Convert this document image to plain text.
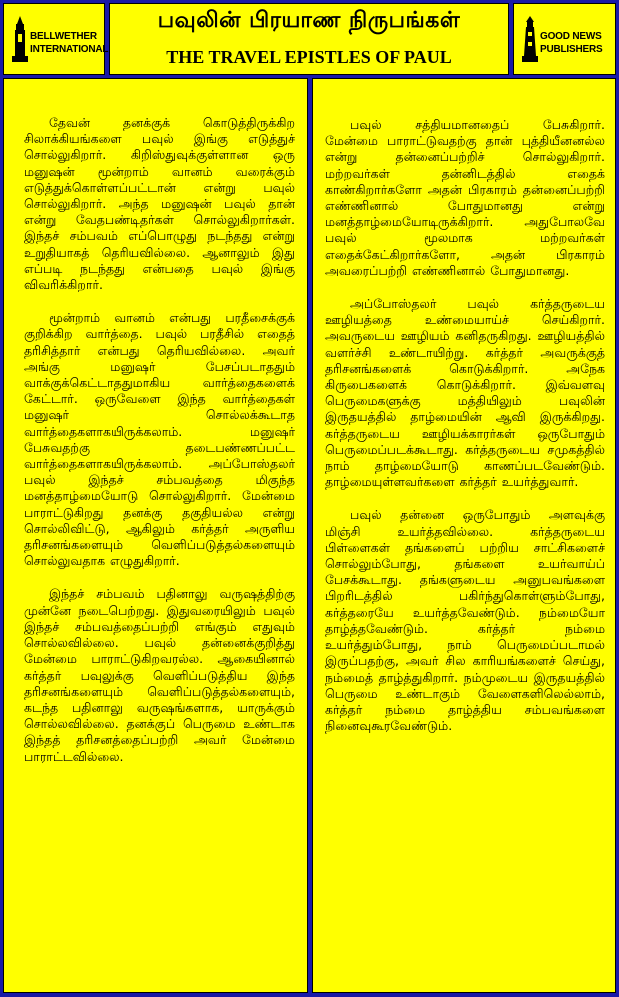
BELLWETHER
INTERNATIONAL
பவுலின் பிரயாண நிருபங்கள்
THE TRAVEL EPISTLES OF PAUL
GOOD NEWS
PUBLISHERS

தேவன் தனக்குக் கொடுத்திருக்கிற சிலாக்கியங்களை பவுல் இங்கு எடுத்துச் சொல்லுகிறார். கிறிஸ்துவுக்குள்ளான ஒரு மனுஷன் மூன்றாம் வானம் வரைக்கும் எடுத்துக்கொள்ளப்பட்டான் என்று பவுல் சொல்லுகிறார். அந்த மனுஷன் பவுல் தான் என்று வேதபண்டிதர்கள் சொல்லுகிறார்கள். இந்தச் சம்பவம் எப்பொழுது நடந்தது என்று உறுதியாகத் தெரியவில்லை. ஆனாலும் இது எப்படி நடந்தது என்பதை பவுல் இங்கு விவரிக்கிறார்.

மூன்றாம் வானம் என்பது பரதீசைக்குக் குறிக்கிற வார்த்தை. பவுல் பரதீசில் எதைத் தரிசித்தார் என்பது தெரியவில்லை. அவர் அங்கு மனுஷர் பேசப்படாததும் வாக்குக்கெட்டாததுமாகிய வார்த்தைகளைக் கேட்டார். ஒருவேளை இந்த வார்த்தைகள் மனுஷர் சொல்லக்கூடாத வார்த்தைகளாகயிருக்கலாம். மனுஷர் பேசுவதற்கு தடைபண்ணப்பட்ட வார்த்தைகளாகயிருக்கலாம். அப்போஸ்தலர் பவுல் இந்தச் சம்பவத்தை மிகுந்த மனத்தாழ்மையோடு சொல்லுகிறார். மேன்மை பாராட்டுகிறது தனக்கு தகுதியல்ல என்று சொல்லிவிட்டு, ஆகிலும் கர்த்தர் அருளிய தரிசனங்களையும் வெளிப்படுத்தல்களையும் சொல்லுவதாக எழுதுகிறார்.

இந்தச் சம்பவம் பதினாலு வருஷத்திற்கு முன்னே நடைபெற்றது. இதுவரையிலும் பவுல் இந்தச் சம்பவத்தைப்பற்றி எங்கும் எதுவும் சொல்லவில்லை. பவுல் தன்னைக்குறித்து மேன்மை பாராட்டுகிறவரல்ல. ஆகையினால் கர்த்தர் பவுலுக்கு வெளிப்படுத்திய இந்த தரிசனங்களையும் வெளிப்படுத்தல்களையும், கடந்த பதினாலு வருஷங்களாக, யாருக்கும் சொல்லவில்லை. தனக்குப் பெருமை உண்டாக இந்தத் தரிசனத்தைப்பற்றி அவர் மேன்மை பாராட்டவில்லை.

பவுல் சத்தியமானதைப் பேசுகிறார். மேன்மை பாராட்டுவதற்கு தான் புத்தியீனனல்ல என்று தன்னைப்பற்றிச் சொல்லுகிறார். மற்றவர்கள் தன்னிடத்தில் எதைக் காண்கிறார்களோ அதன் பிரகாரம் தன்னைப்பற்றி எண்ணினால் போதுமானது என்று மனத்தாழ்மையோடிருக்கிறார். அதுபோலவே பவுல் மூலமாக மற்றவர்கள் எதைக்கேட்கிறார்களோ, அதன் பிரகாரம் அவரைப்பற்றி எண்ணினால் போதுமானது.

அப்போஸ்தலர் பவுல் கர்த்தருடைய ஊழியத்தை உண்மையாய்ச் செய்கிறார். அவருடைய ஊழியம் கனிதருகிறது. ஊழியத்தில் வளர்ச்சி உண்டாயிற்று. கர்த்தர் அவருக்குத் தரிசனங்களைக் கொடுக்கிறார். அநேக கிருபைகளைக் கொடுக்கிறார். இவ்வளவு பெருமைகளுக்கு மத்தியிலும் பவுலின் இருதயத்தில் தாழ்மையின் ஆவி இருக்கிறது. கர்த்தருடைய ஊழியக்காரர்கள் ஒருபோதும் பெருமைப்படக்கூடாது. கர்த்தருடைய சமுகத்தில் நாம் தாழ்மையோடு காணப்படவேண்டும். தாழ்மையுள்ளவர்களை கர்த்தர் உயர்த்துவார்.

பவுல் தன்னை ஒருபோதும் அளவுக்கு மிஞ்சி உயர்த்தவில்லை. கர்த்தருடைய பிள்ளைகள் தங்களைப் பற்றிய சாட்சிகளைச் சொல்லும்போது, தங்களை உயர்வாய்ப் பேசக்கூடாது. தங்களுடைய அனுபவங்களை பிறரிடத்தில் பகிர்ந்துகொள்ளும்போது, கர்த்தரையே உயர்த்தவேண்டும். நம்மையோ தாழ்த்தவேண்டும். கர்த்தர் நம்மை உயர்த்தும்போது, நாம் பெருமைப்படாமல் இருப்பதற்கு, அவர் சில காரியங்களைச் செய்து, நம்மைத் தாழ்த்துகிறார். நம்முடைய இருதயத்தில் பெருமை உண்டாகும் வேளைகளிலெல்லாம், கர்த்தர் நம்மை தாழ்த்திய சம்பவங்களை நினைவுகூரவேண்டும்.
